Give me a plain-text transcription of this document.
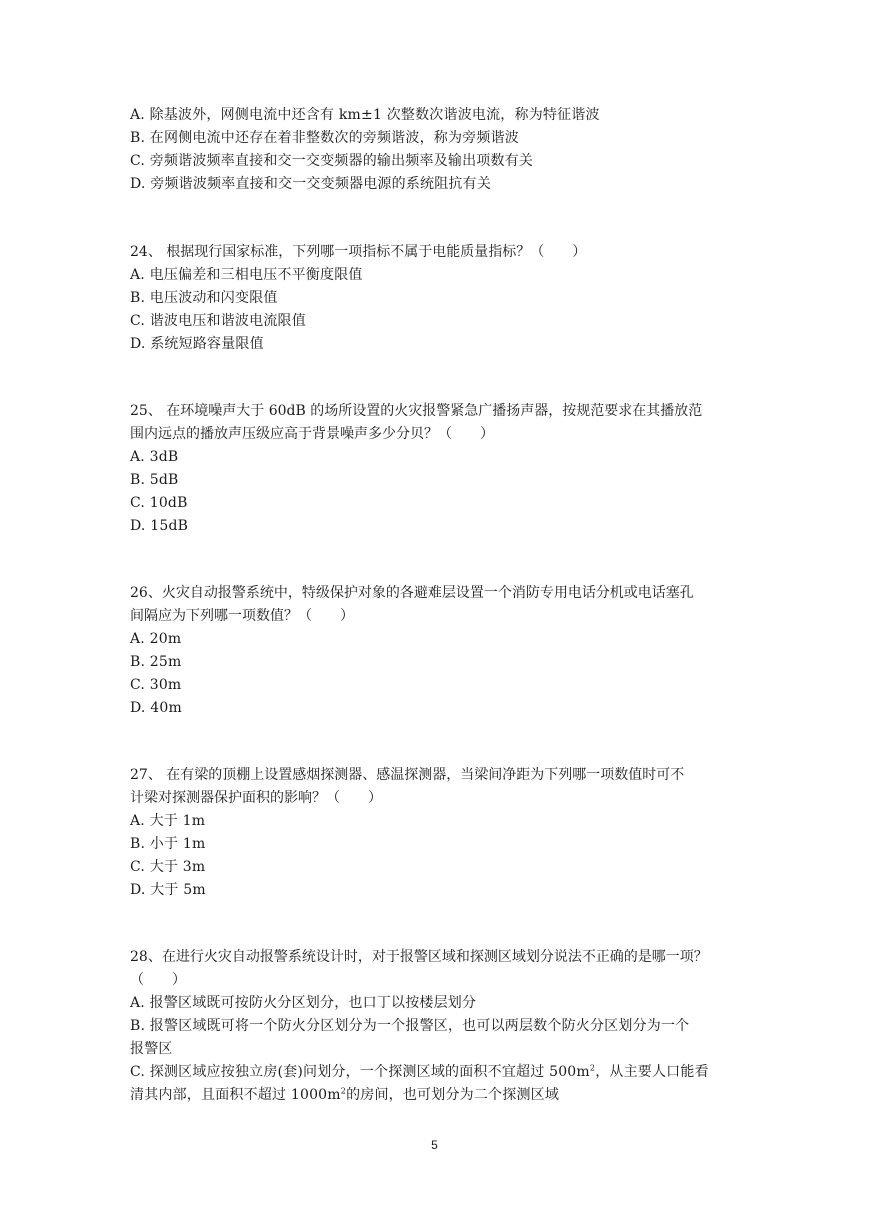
A. 除基波外，网侧电流中还含有 km±1 次整数次谐波电流，称为特征谐波
B. 在网侧电流中还存在着非整数次的旁频谐波，称为旁频谐波
C. 旁频谐波频率直接和交一交变频器的输出频率及输出项数有关
D. 旁频谐波频率直接和交一交变频器电源的系统阻抗有关
24、 根据现行国家标准，下列哪一项指标不属于电能质量指标？（　　）
A. 电压偏差和三相电压不平衡度限值
B. 电压波动和闪变限值
C. 谐波电压和谐波电流限值
D. 系统短路容量限值
25、 在环境噪声大于 60dB 的场所设置的火灾报警紧急广播扬声器，按规范要求在其播放范
围内远点的播放声压级应高于背景噪声多少分贝？（　　）
A. 3dB
B. 5dB
C. 10dB
D. 15dB
26、火灾自动报警系统中，特级保护对象的各避难层设置一个消防专用电话分机或电话塞孔
间隔应为下列哪一项数值？（　　）
A. 20m
B. 25m
C. 30m
D. 40m
27、 在有梁的顶棚上设置感烟探测器、感温探测器，当梁间净距为下列哪一项数值时可不
计梁对探测器保护面积的影响？（　　）
A. 大于 1m
B. 小于 1m
C. 大于 3m
D. 大于 5m
28、在进行火灾自动报警系统设计时，对于报警区域和探测区域划分说法不正确的是哪一项？
（　　）
A. 报警区域既可按防火分区划分，也口丁以按楼层划分
B. 报警区域既可将一个防火分区划分为一个报警区，也可以两层数个防火分区划分为一个
报警区
C. 探测区域应按独立房(套)问划分，一个探测区域的面积不宜超过 $500m^2$，从主要人口能看
清其内部，且面积不超过 $1000m^2$的房间，也可划分为二个探测区域
5
